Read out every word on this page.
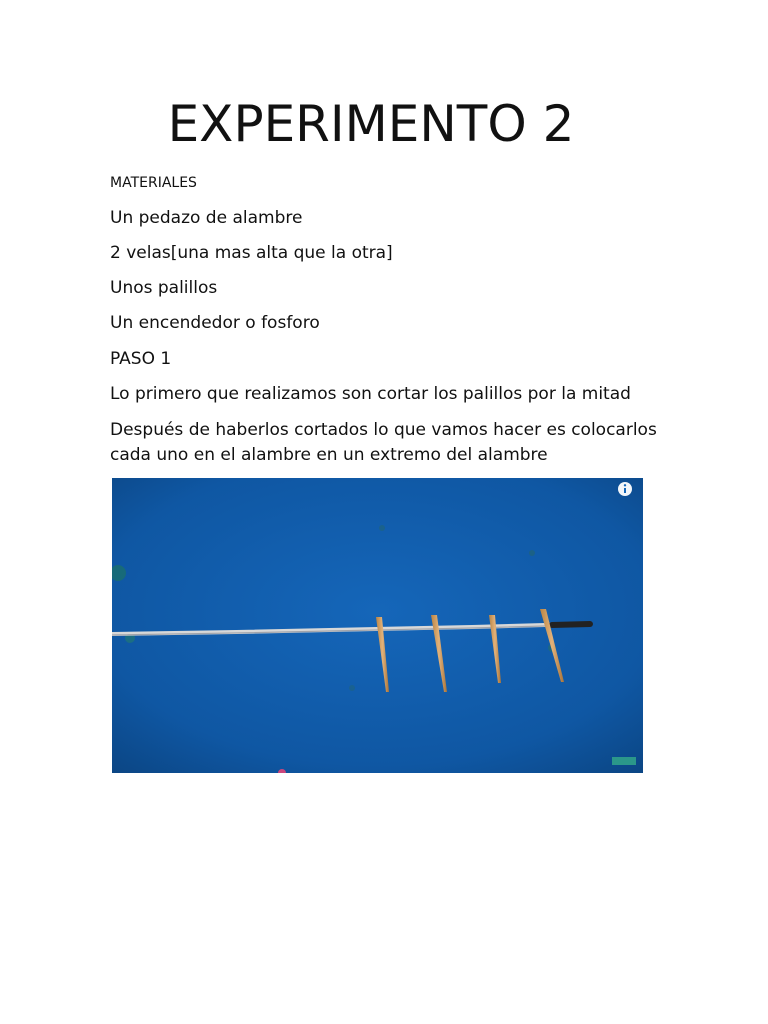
EXPERIMENTO 2

MATERIALES

Un pedazo de alambre

2 velas[una mas alta que la otra]

Unos palillos

Un encendedor o fosforo

PASO 1

Lo primero que realizamos son cortar los palillos por la mitad

Después de haberlos cortados lo que vamos hacer es colocarlos

cada uno en el alambre en un extremo del alambre
